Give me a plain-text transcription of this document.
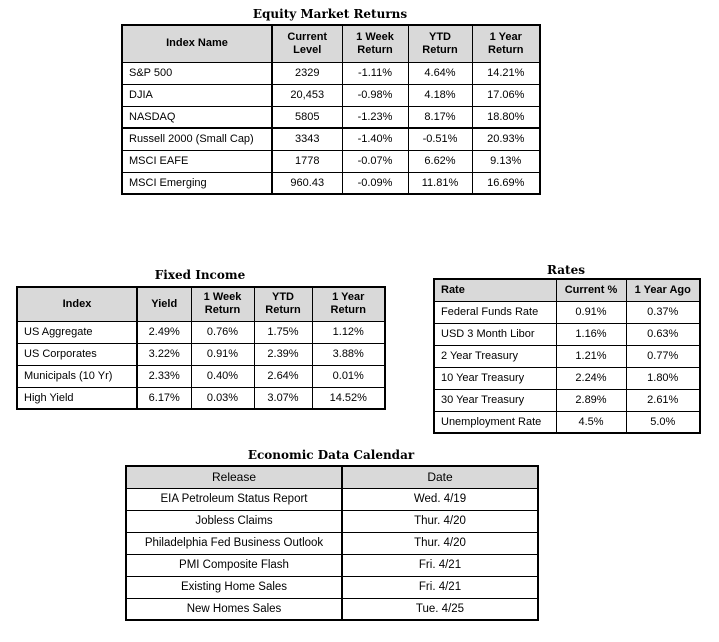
Equity Market Returns
Index Name	Current Level	1 Week Return	YTD Return	1 Year Return
S&P 500	2329	-1.11%	4.64%	14.21%
DJIA	20,453	-0.98%	4.18%	17.06%
NASDAQ	5805	-1.23%	8.17%	18.80%
Russell 2000 (Small Cap)	3343	-1.40%	-0.51%	20.93%
MSCI EAFE	1778	-0.07%	6.62%	9.13%
MSCI Emerging	960.43	-0.09%	11.81%	16.69%
Fixed Income
Index	Yield	1 Week Return	YTD Return	1 Year Return
US Aggregate	2.49%	0.76%	1.75%	1.12%
US Corporates	3.22%	0.91%	2.39%	3.88%
Municipals (10 Yr)	2.33%	0.40%	2.64%	0.01%
High Yield	6.17%	0.03%	3.07%	14.52%
Rates
Rate	Current %	1 Year Ago
Federal Funds Rate	0.91%	0.37%
USD 3 Month Libor	1.16%	0.63%
2 Year Treasury	1.21%	0.77%
10 Year Treasury	2.24%	1.80%
30 Year Treasury	2.89%	2.61%
Unemployment Rate	4.5%	5.0%
Economic Data Calendar
Release	Date
EIA Petroleum Status Report	Wed. 4/19
Jobless Claims	Thur. 4/20
Philadelphia Fed Business Outlook	Thur. 4/20
PMI Composite Flash	Fri. 4/21
Existing Home Sales	Fri. 4/21
New Homes Sales	Tue. 4/25
